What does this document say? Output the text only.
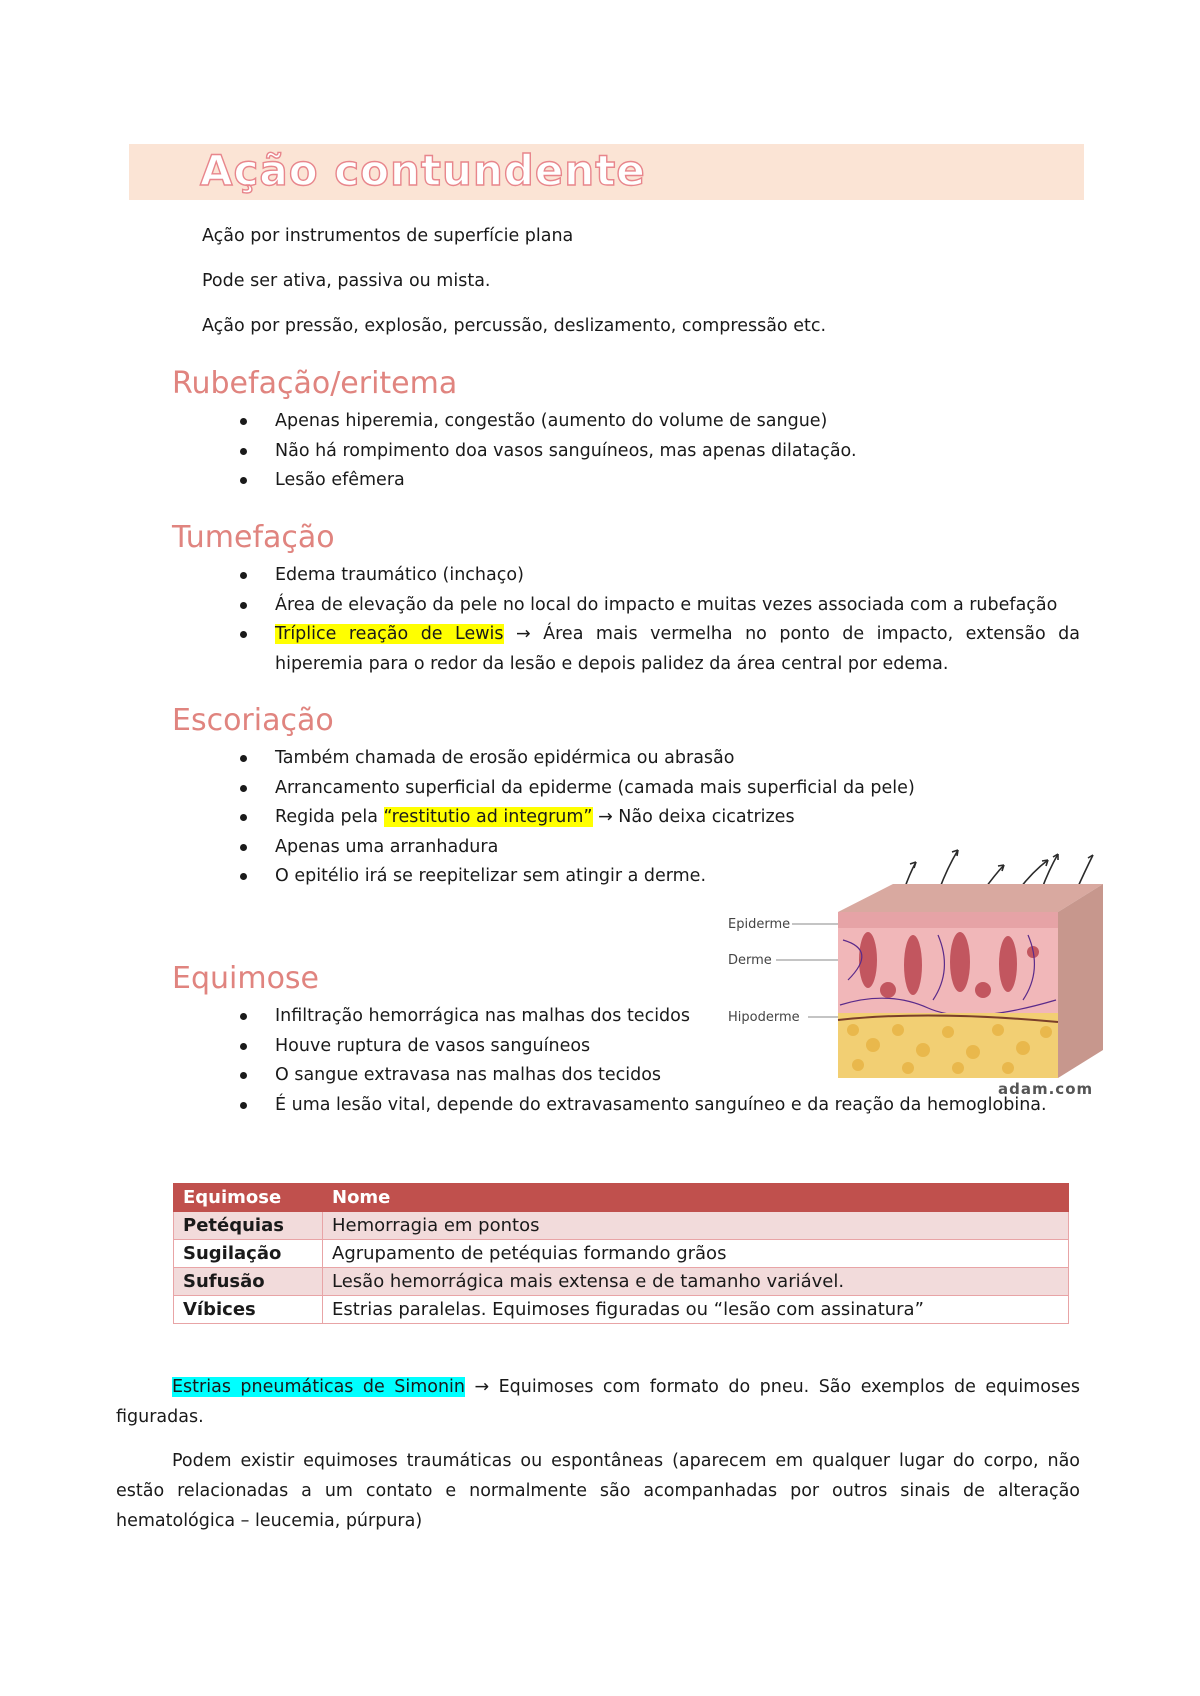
Ação contundente
Ação por instrumentos de superfície plana
Pode ser ativa, passiva ou mista.
Ação por pressão, explosão, percussão, deslizamento, compressão etc.
Rubefação/eritema
Apenas hiperemia, congestão (aumento do volume de sangue)
Não há rompimento doa vasos sanguíneos, mas apenas dilatação.
Lesão efêmera
Tumefação
Edema traumático (inchaço)
Área de elevação da pele no local do impacto e muitas vezes associada com a rubefação
Tríplice reação de Lewis → Área mais vermelha no ponto de impacto, extensão da hiperemia para o redor da lesão e depois palidez da área central por edema.
Escoriação
Também chamada de erosão epidérmica ou abrasão
Arrancamento superficial da epiderme (camada mais superficial da pele)
Regida pela “restitutio ad integrum” → Não deixa cicatrizes
Apenas uma arranhadura
O epitélio irá se reepitelizar sem atingir a derme.
Epiderme
Derme
Hipoderme
adam.com
Equimose
Infiltração hemorrágica nas malhas dos tecidos
Houve ruptura de vasos sanguíneos
O sangue extravasa nas malhas dos tecidos
É uma lesão vital, depende do extravasamento sanguíneo e da reação da hemoglobina.
Equimose	Nome
Petéquias	Hemorragia em pontos
Sugilação	Agrupamento de petéquias formando grãos
Sufusão	Lesão hemorrágica mais extensa e de tamanho variável.
Víbices	Estrias paralelas. Equimoses figuradas ou “lesão com assinatura”
Estrias pneumáticas de Simonin → Equimoses com formato do pneu. São exemplos de equimoses figuradas.
Podem existir equimoses traumáticas ou espontâneas (aparecem em qualquer lugar do corpo, não estão relacionadas a um contato e normalmente são acompanhadas por outros sinais de alteração hematológica – leucemia, púrpura)
